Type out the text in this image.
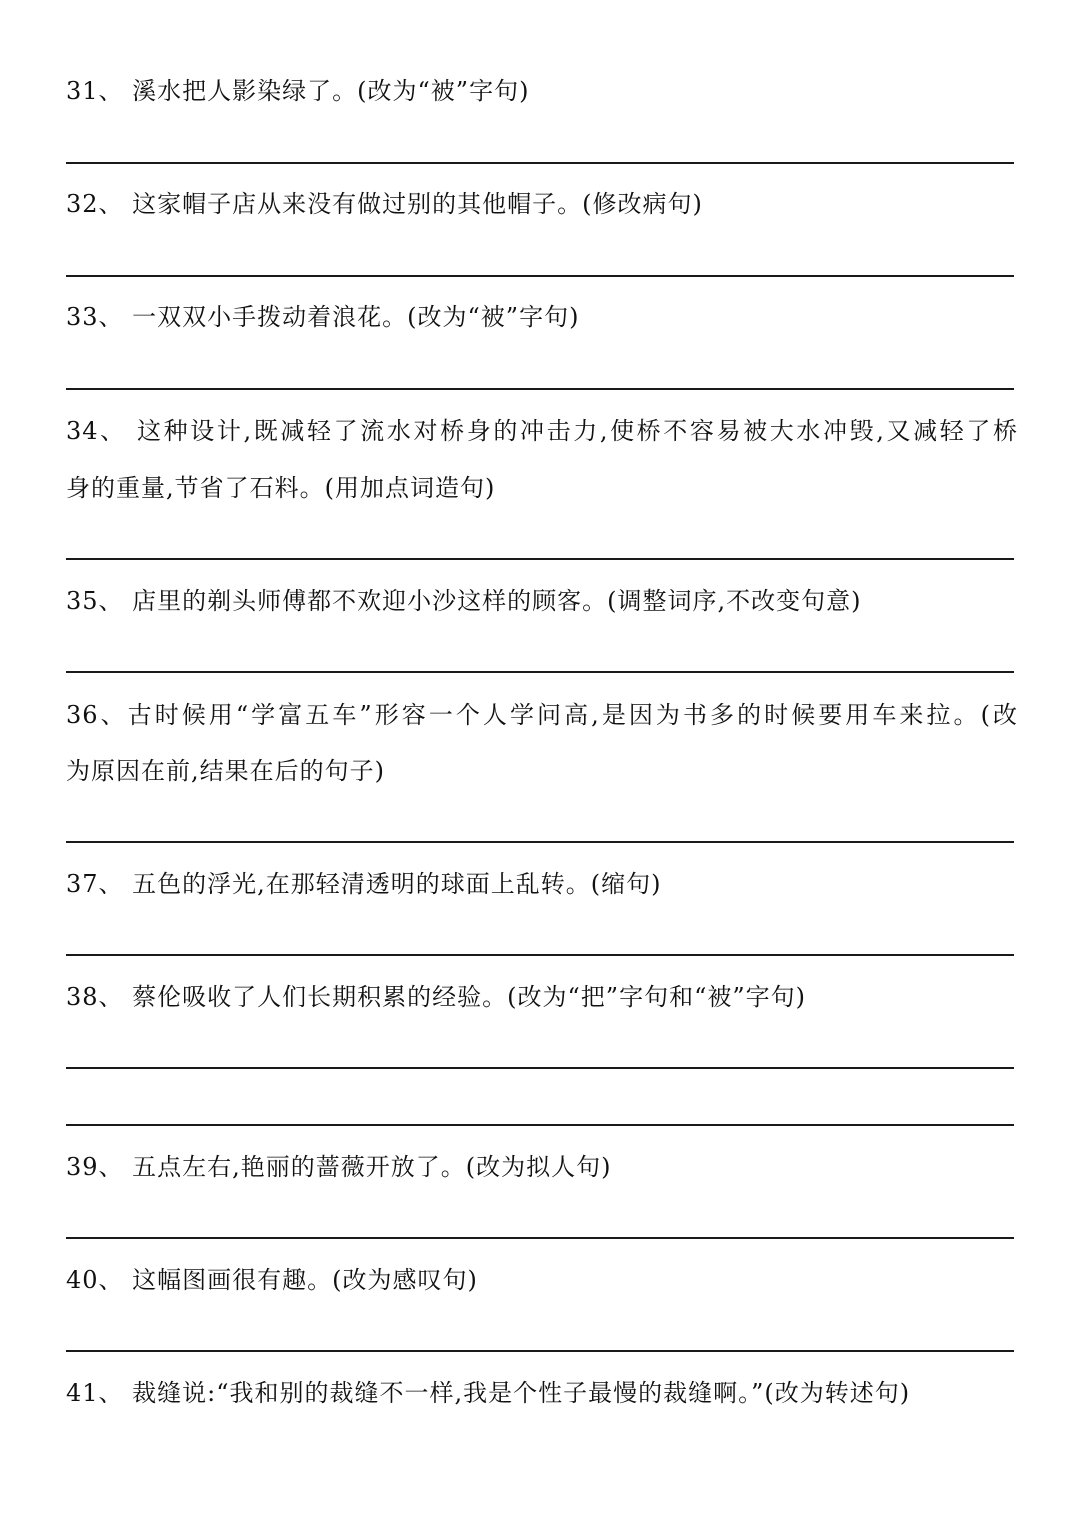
31、 溪水把人影染绿了。(改为“被”字句)
32、 这家帽子店从来没有做过别的其他帽子。(修改病句)
33、 一双双小手拨动着浪花。(改为“被”字句)
34、 这种设计,既减轻了流水对桥身的冲击力,使桥不容易被大水冲毁,又减轻了桥
身的重量,节省了石料。(用加点词造句)
35、 店里的剃头师傅都不欢迎小沙这样的顾客。(调整词序,不改变句意)
36、古时候用“学富五车”形容一个人学问高,是因为书多的时候要用车来拉。(改
为原因在前,结果在后的句子)
37、 五色的浮光,在那轻清透明的球面上乱转。(缩句)
38、 蔡伦吸收了人们长期积累的经验。(改为“把”字句和“被”字句)
39、 五点左右,艳丽的蔷薇开放了。(改为拟人句)
40、 这幅图画很有趣。(改为感叹句)
41、 裁缝说:“我和别的裁缝不一样,我是个性子最慢的裁缝啊。”(改为转述句)
